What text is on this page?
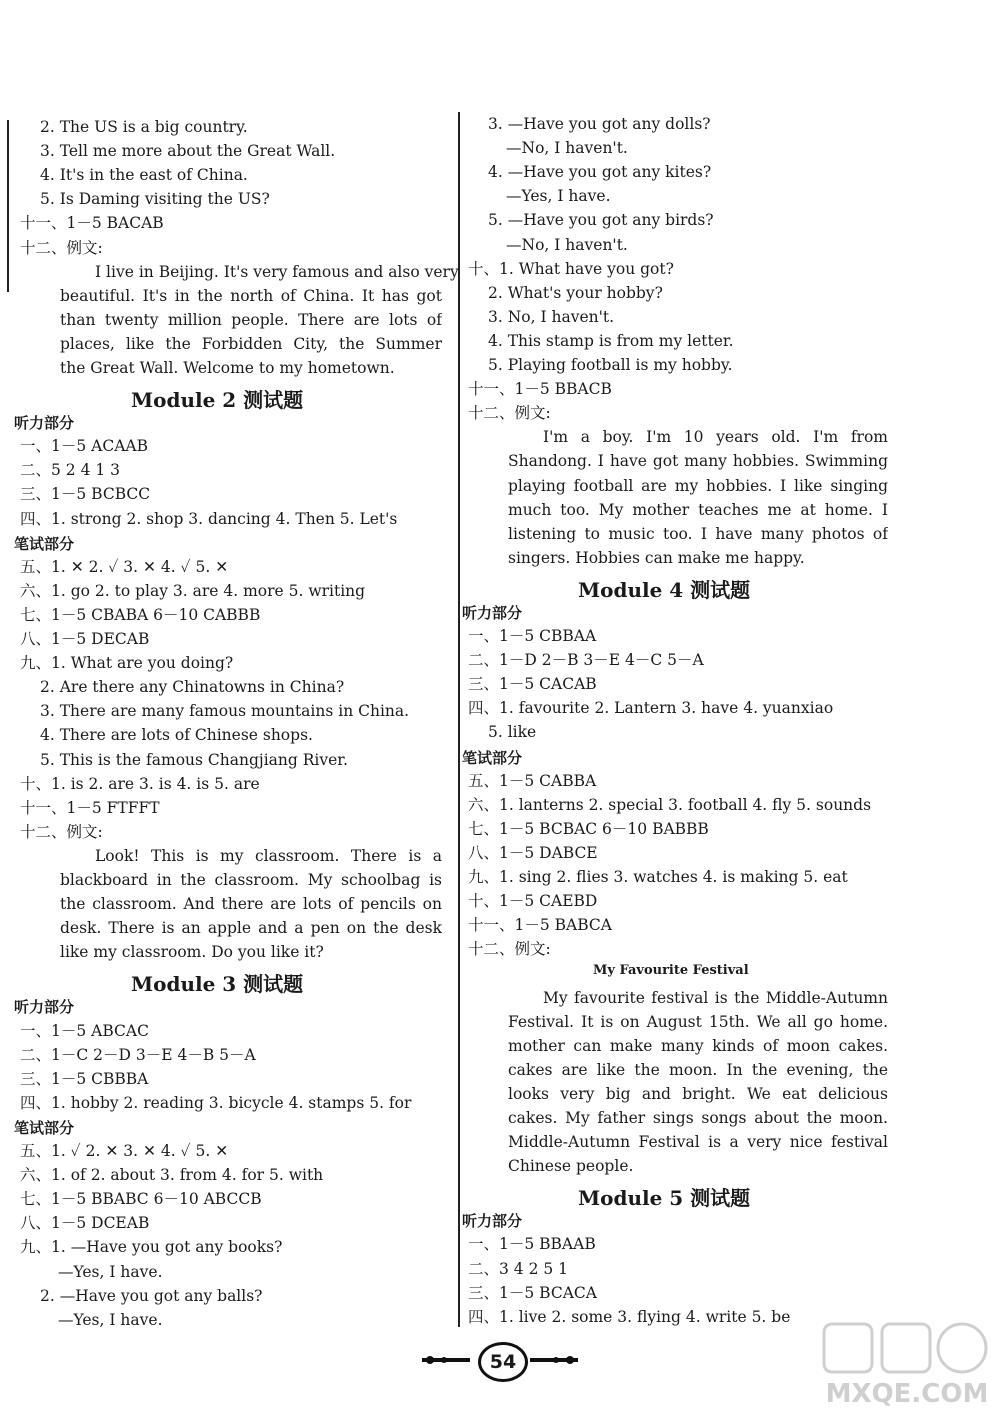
2. The US is a big country.
3. Tell me more about the Great Wall.
4. It's in the east of China.
5. Is Daming visiting the US?
十一、1－5 BACAB
十二、例文:
I live in Beijing. It's very famous and also very
beautiful. It's in the north of China. It has got
than twenty million people. There are lots of
places, like the Forbidden City, the Summer
the Great Wall. Welcome to my hometown.
Module 2 测试题
听力部分
一、1－5 ACAAB
二、5 2 4 1 3
三、1－5 BCBCC
四、1. strong 2. shop 3. dancing 4. Then 5. Let's
笔试部分
五、1. ✕ 2. ✓ 3. ✕ 4. ✓ 5. ✕
六、1. go 2. to play 3. are 4. more 5. writing
七、1－5 CBABA 6－10 CABBB
八、1－5 DECAB
九、1. What are you doing?
2. Are there any Chinatowns in China?
3. There are many famous mountains in China.
4. There are lots of Chinese shops.
5. This is the famous Changjiang River.
十、1. is 2. are 3. is 4. is 5. are
十一、1－5 FTFFT
十二、例文:
Look! This is my classroom. There is a
blackboard in the classroom. My schoolbag is
the classroom. And there are lots of pencils on
desk. There is an apple and a pen on the desk
like my classroom. Do you like it?
Module 3 测试题
听力部分
一、1－5 ABCAC
二、1－C 2－D 3－E 4－B 5－A
三、1－5 CBBBA
四、1. hobby 2. reading 3. bicycle 4. stamps 5. for
笔试部分
五、1. ✓ 2. ✕ 3. ✕ 4. ✓ 5. ✕
六、1. of 2. about 3. from 4. for 5. with
七、1－5 BBABC 6－10 ABCCB
八、1－5 DCEAB
九、1. —Have you got any books?
—Yes, I have.
2. —Have you got any balls?
—Yes, I have.
3. —Have you got any dolls?
—No, I haven't.
4. —Have you got any kites?
—Yes, I have.
5. —Have you got any birds?
—No, I haven't.
十、1. What have you got?
2. What's your hobby?
3. No, I haven't.
4. This stamp is from my letter.
5. Playing football is my hobby.
十一、1－5 BBACB
十二、例文:
I'm a boy. I'm 10 years old. I'm from
Shandong. I have got many hobbies. Swimming
playing football are my hobbies. I like singing
much too. My mother teaches me at home. I
listening to music too. I have many photos of
singers. Hobbies can make me happy.
Module 4 测试题
听力部分
一、1－5 CBBAA
二、1－D 2－B 3－E 4－C 5－A
三、1－5 CACAB
四、1. favourite 2. Lantern 3. have 4. yuanxiao
5. like
笔试部分
五、1－5 CABBA
六、1. lanterns 2. special 3. football 4. fly 5. sounds
七、1－5 BCBAC 6－10 BABBB
八、1－5 DABCE
九、1. sing 2. flies 3. watches 4. is making 5. eat
十、1－5 CAEBD
十一、1－5 BABCA
十二、例文:
My Favourite Festival
My favourite festival is the Middle-Autumn
Festival. It is on August 15th. We all go home.
mother can make many kinds of moon cakes.
cakes are like the moon. In the evening, the
looks very big and bright. We eat delicious
cakes. My father sings songs about the moon.
Middle-Autumn Festival is a very nice festival
Chinese people.
Module 5 测试题
听力部分
一、1－5 BBAAB
二、3 4 2 5 1
三、1－5 BCACA
四、1. live 2. some 3. flying 4. write 5. be
54
MXQE.COM
